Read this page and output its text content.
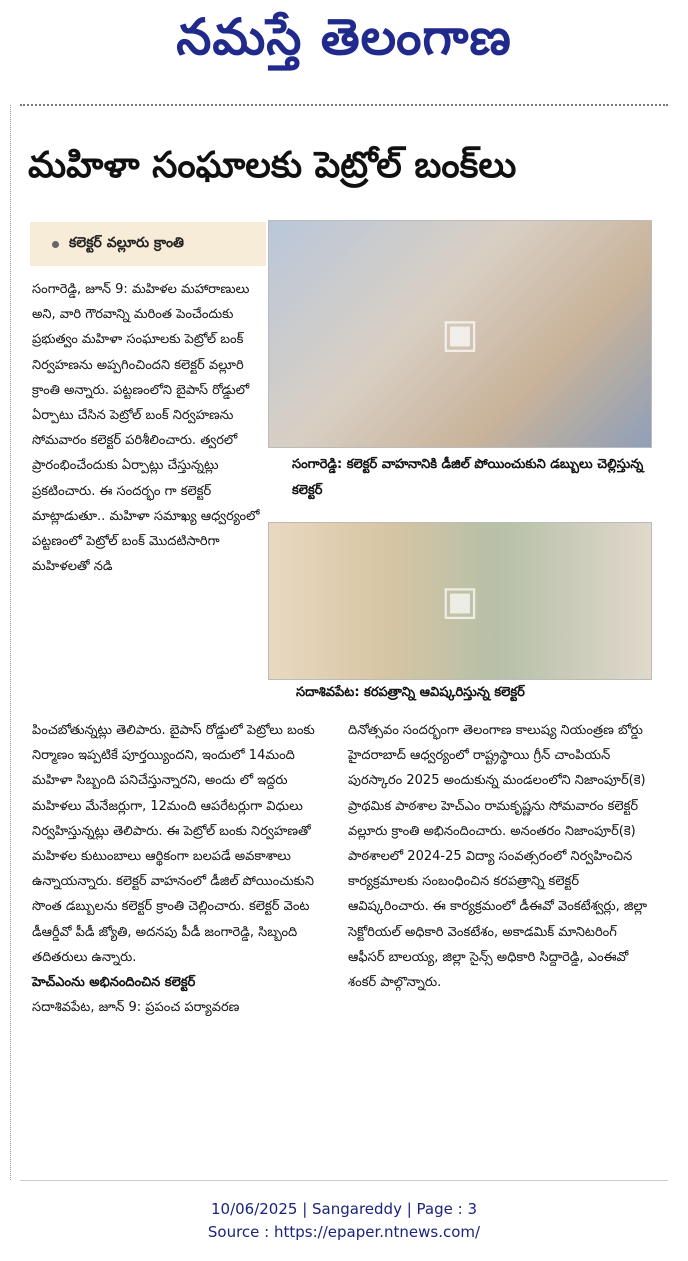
నమస్తే తెలంగాణ
మహిళా సంఘాలకు పెట్రోల్ బంక్‌లు
కలెక్టర్ వల్లూరు క్రాంతి
▣
సంగారెడ్డి: కలెక్టర్ వాహనానికి డీజిల్ పోయించుకుని డబ్బులు చెల్లిస్తున్న కలెక్టర్
▣
సదాశివపేట: కరపత్రాన్ని ఆవిష్కరిస్తున్న కలెక్టర్
సంగారెడ్డి, జూన్ 9: మహిళల మహారాణులు అని, వారి గౌరవాన్ని మరింత పెంచేందుకు ప్రభుత్వం మహిళా సంఘాలకు పెట్రోల్ బంక్ నిర్వహణను అప్పగించిందని కలెక్టర్ వల్లూరి క్రాంతి అన్నారు. పట్టణంలోని బైపాస్ రోడ్డులో ఏర్పాటు చేసిన పెట్రోల్ బంక్ నిర్వహణను సోమవారం కలెక్టర్ పరిశీలించారు. త్వరలో ప్రారంభించేందుకు ఏర్పాట్లు చేస్తున్నట్లు ప్రకటించారు. ఈ సందర్భం గా కలెక్టర్ మాట్లాడుతూ.. మహిళా సమాఖ్య ఆధ్వర్యంలో పట్టణంలో పెట్రోల్ బంక్ మొదటిసారిగా మహిళలతో నడి
పించబోతున్నట్లు తెలిపారు. బైపాస్ రోడ్డులో పెట్రోలు బంకు నిర్మాణం ఇప్పటికే పూర్తయ్యిందని, ఇందులో 14మంది మహిళా సిబ్బంది పనిచేస్తున్నారని, అందు లో ఇద్దరు మహిళలు మేనేజర్లుగా, 12మంది ఆపరేటర్లుగా విధులు నిర్వహిస్తున్నట్లు తెలిపారు. ఈ పెట్రోల్ బంకు నిర్వహణతో మహిళల కుటుంబాలు ఆర్థికంగా బలపడే అవకాశాలు ఉన్నాయన్నారు. కలెక్టర్ వాహనంలో డీజిల్ పోయించుకుని సొంత డబ్బులను కలెక్టర్ క్రాంతి చెల్లించారు. కలెక్టర్ వెంట డీఆర్డీవో పీడీ జ్యోతి, అదనపు పీడీ జంగారెడ్డి, సిబ్బంది తదితరులు ఉన్నారు.
హెచ్ఎంను అభినందించిన కలెక్టర్
సదాశివపేట, జూన్ 9: ప్రపంచ పర్యావరణ
దినోత్సవం సందర్భంగా తెలంగాణ కాలుష్య నియంత్రణ బోర్డు హైదరాబాద్ ఆధ్వర్యంలో రాష్ట్రస్థాయి గ్రీన్ చాంపియన్ పురస్కారం 2025 అందుకున్న మండలంలోని నిజాంపూర్(కె) ప్రాథమిక పాఠశాల హెచ్ఎం రామకృష్ణను సోమవారం కలెక్టర్ వల్లూరు క్రాంతి అభినందించారు. అనంతరం నిజాంపూర్(కె) పాఠశాలలో 2024-25 విద్యా సంవత్సరంలో నిర్వహించిన కార్యక్రమాలకు సంబంధించిన కరపత్రాన్ని కలెక్టర్ ఆవిష్కరించారు. ఈ కార్యక్రమంలో డీఈవో వెంకటేశ్వర్లు, జిల్లా సెక్టోరియల్ అధికారి వెంకటేశం, అకాడమిక్ మానిటరింగ్ ఆఫీసర్ బాలయ్య, జిల్లా సైన్స్ అధికారి సిద్దారెడ్డి, ఎంఈవో శంకర్ పాల్గొన్నారు.
10/06/2025 | Sangareddy | Page : 3
Source : https://epaper.ntnews.com/
